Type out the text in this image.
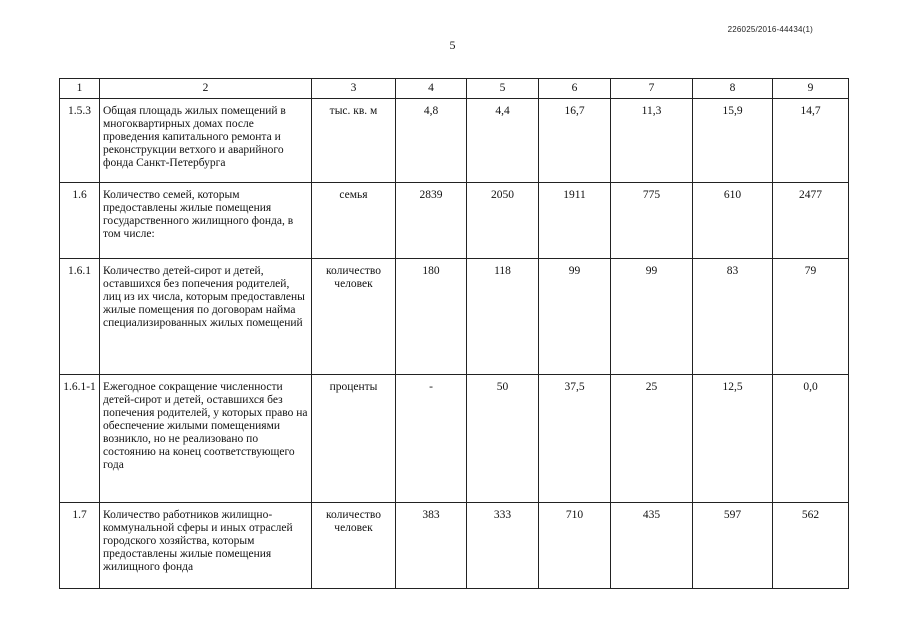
226025/2016-44434(1)
5
1	2	3	4	5	6	7	8	9
1.5.3	Общая площадь жилых помещений в многоквартирных домах после проведения капитального ремонта и реконструкции ветхого и аварийного фонда Санкт-Петербурга	тыс. кв. м	4,8	4,4	16,7	11,3	15,9	14,7
1.6	Количество семей, которым предоставлены жилые помещения государственного жилищного фонда, в том числе:	семья	2839	2050	1911	775	610	2477
1.6.1	Количество детей-сирот и детей, оставшихся без попечения родителей, лиц из их числа, которым предоставлены жилые помещения по договорам найма специализированных жилых помещений	количество человек	180	118	99	99	83	79
1.6.1-1	Ежегодное сокращение численности детей-сирот и детей, оставшихся без попечения родителей, у которых право на обеспечение жилыми помещениями возникло, но не реализовано по состоянию на конец соответствующего года	проценты	-	50	37,5	25	12,5	0,0
1.7	Количество работников жилищно-коммунальной сферы и иных отраслей городского хозяйства, которым предоставлены жилые помещения жилищного фонда	количество человек	383	333	710	435	597	562
